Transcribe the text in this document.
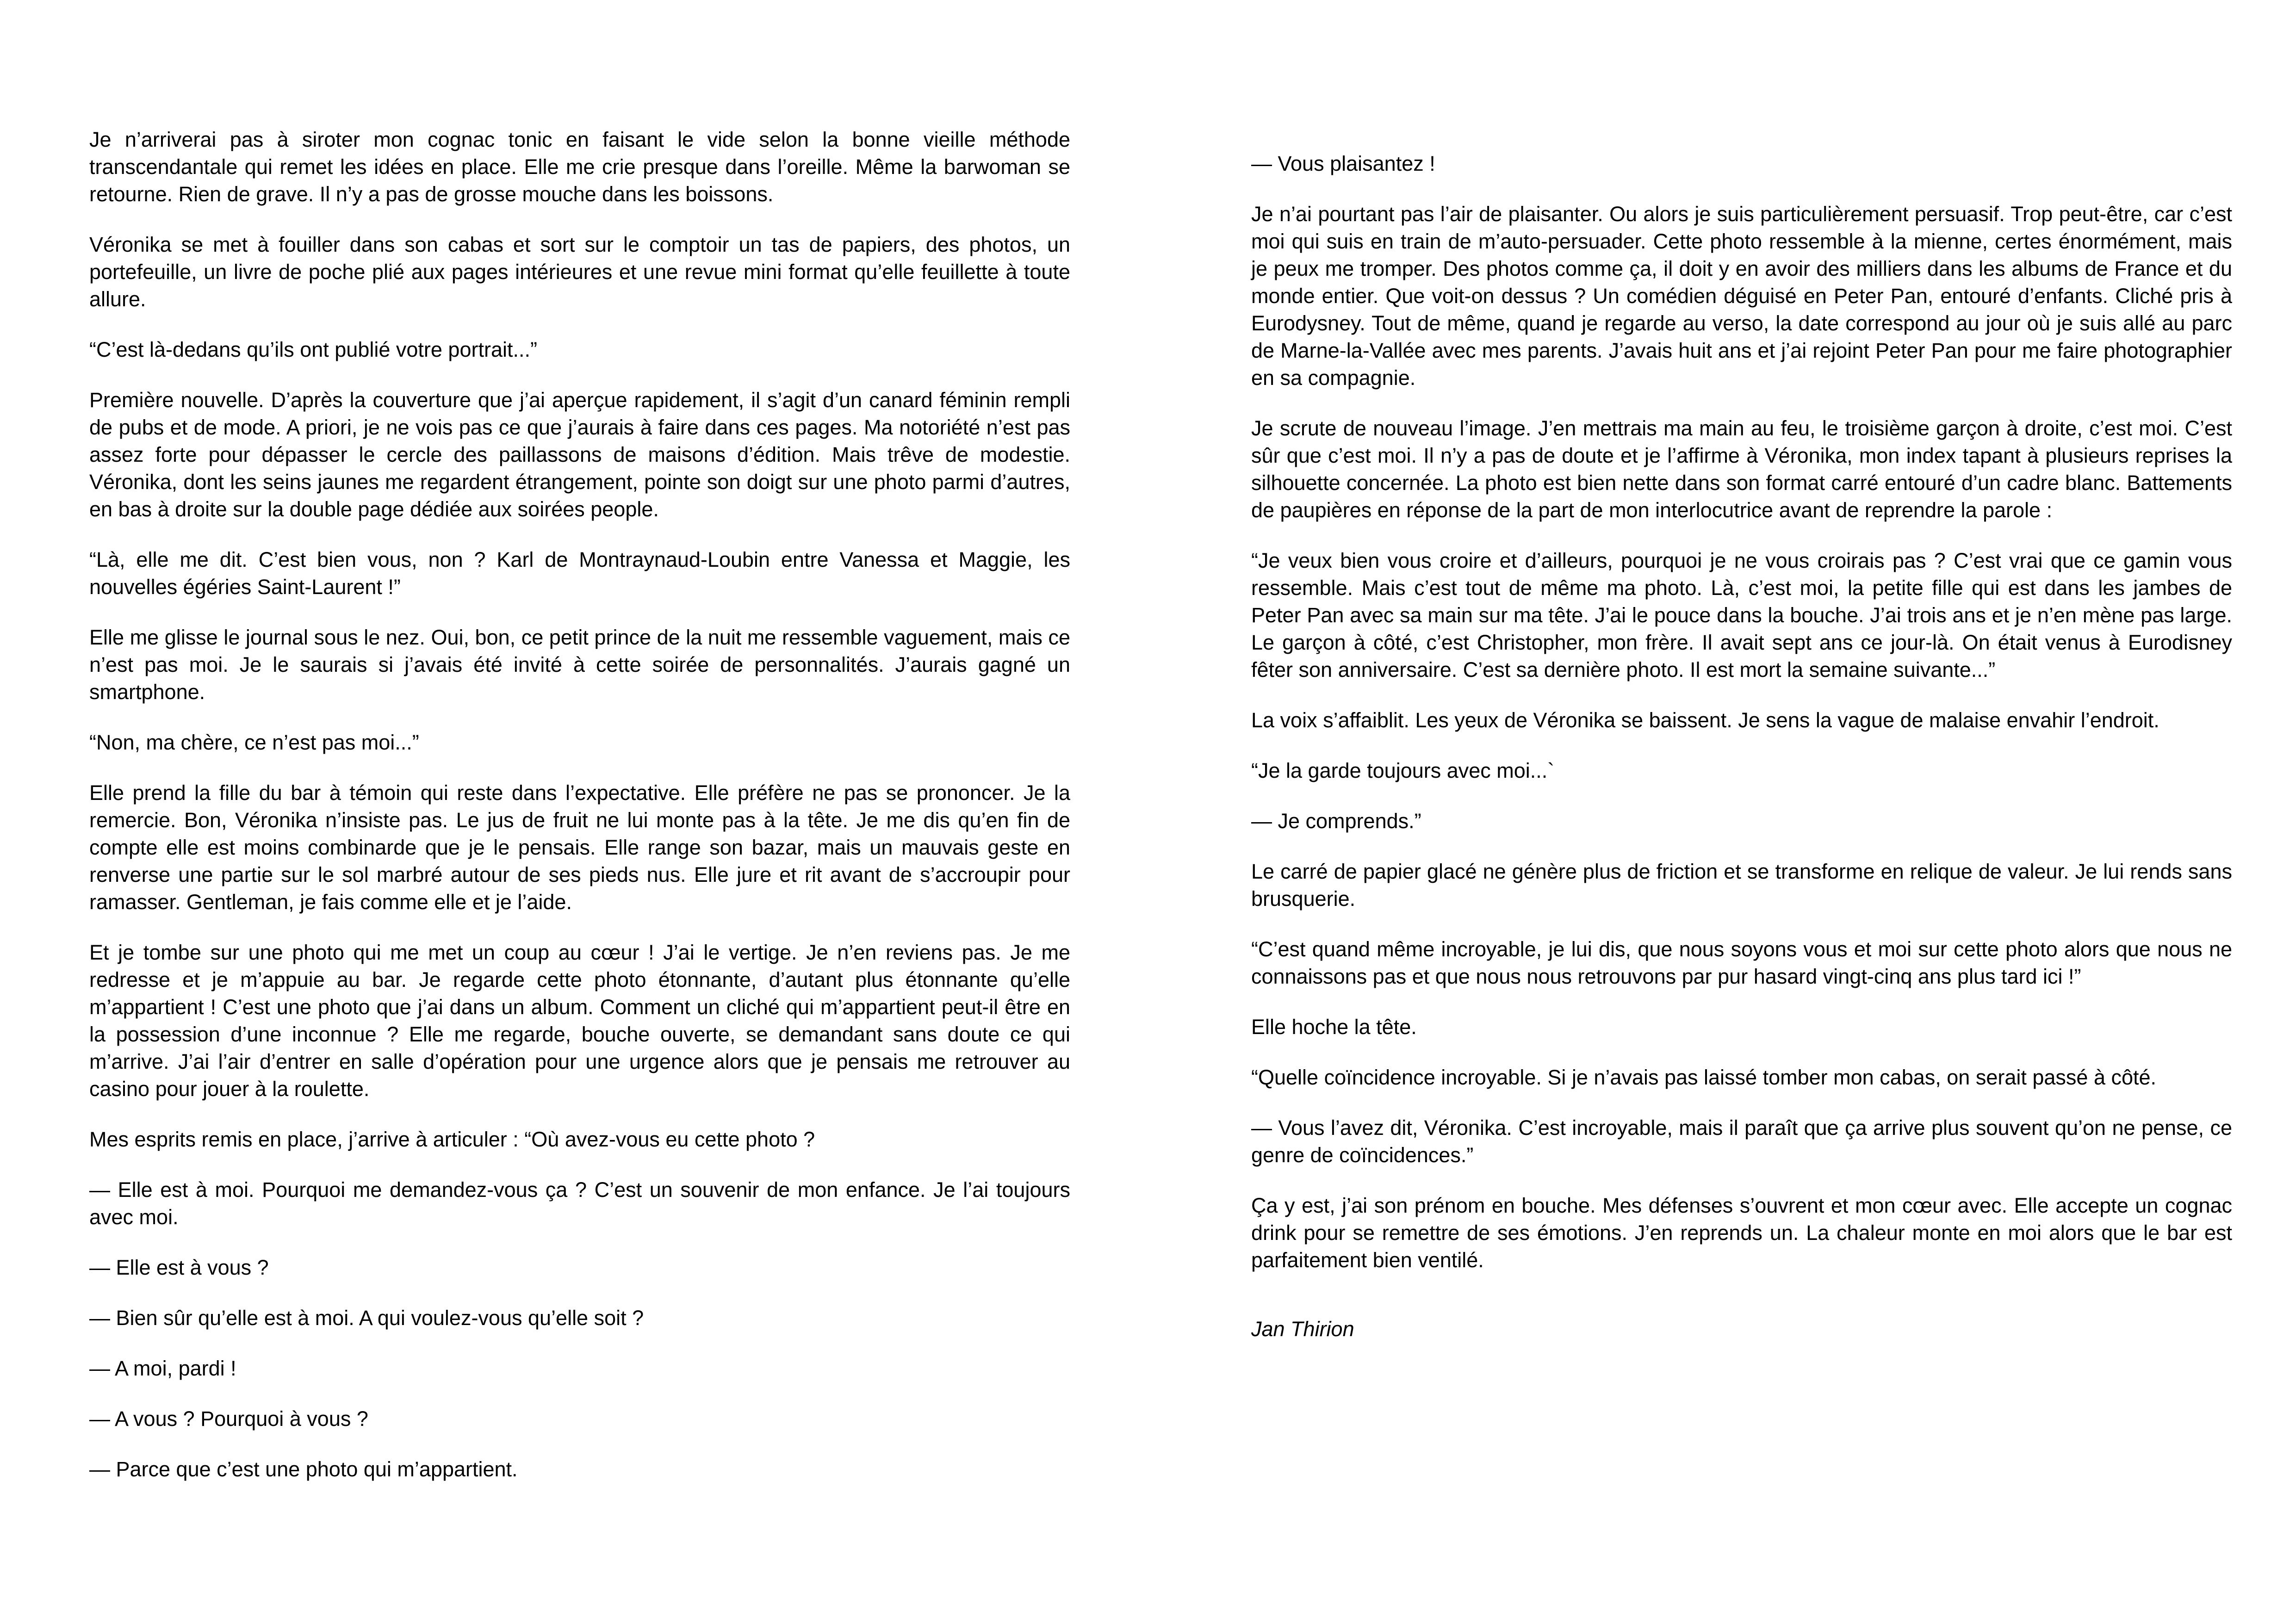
Je n’arriverai pas à siroter mon cognac tonic en faisant le vide selon la bonne vieille méthode transcendantale qui remet les idées en place. Elle me crie presque dans l’oreille. Même la barwoman se retourne. Rien de grave. Il n’y a pas de grosse mouche dans les boissons.

Véronika se met à fouiller dans son cabas et sort sur le comptoir un tas de papiers, des photos, un portefeuille, un livre de poche plié aux pages intérieures et une revue mini format qu’elle feuillette à toute allure.

“C’est là-dedans qu’ils ont publié votre portrait...”

Première nouvelle. D’après la couverture que j’ai aperçue rapidement, il s’agit d’un canard féminin rempli de pubs et de mode. A priori, je ne vois pas ce que j’aurais à faire dans ces pages. Ma notoriété n’est pas assez forte pour dépasser le cercle des paillassons de maisons d’édition. Mais trêve de modestie. Véronika, dont les seins jaunes me regardent étrangement, pointe son doigt sur une photo parmi d’autres, en bas à droite sur la double page dédiée aux soirées people.

“Là, elle me dit. C’est bien vous, non ? Karl de Montraynaud-Loubin entre Vanessa et Maggie, les nouvelles égéries Saint-Laurent !”

Elle me glisse le journal sous le nez. Oui, bon, ce petit prince de la nuit me ressemble vaguement, mais ce n’est pas moi. Je le saurais si j’avais été invité à cette soirée de personnalités. J’aurais gagné un smartphone.

“Non, ma chère, ce n’est pas moi...”

Elle prend la fille du bar à témoin qui reste dans l’expectative. Elle préfère ne pas se prononcer. Je la remercie. Bon, Véronika n’insiste pas. Le jus de fruit ne lui monte pas à la tête. Je me dis qu’en fin de compte elle est moins combinarde que je le pensais. Elle range son bazar, mais un mauvais geste en renverse une partie sur le sol marbré autour de ses pieds nus. Elle jure et rit avant de s’accroupir pour ramasser. Gentleman, je fais comme elle et je l’aide.

Et je tombe sur une photo qui me met un coup au cœur ! J’ai le vertige. Je n’en reviens pas. Je me redresse et je m’appuie au bar. Je regarde cette photo étonnante, d’autant plus étonnante qu’elle m’appartient ! C’est une photo que j’ai dans un album. Comment un cliché qui m’appartient peut-il être en la possession d’une inconnue ? Elle me regarde, bouche ouverte, se demandant sans doute ce qui m’arrive. J’ai l’air d’entrer en salle d’opération pour une urgence alors que je pensais me retrouver au casino pour jouer à la roulette.

Mes esprits remis en place, j’arrive à articuler : “Où avez-vous eu cette photo ?

— Elle est à moi. Pourquoi me demandez-vous ça ? C’est un souvenir de mon enfance. Je l’ai toujours avec moi.

— Elle est à vous ?

— Bien sûr qu’elle est à moi. A qui voulez-vous qu’elle soit ?

— A moi, pardi !

— A vous ? Pourquoi à vous ?

— Parce que c’est une photo qui m’appartient.

— Vous plaisantez !

Je n’ai pourtant pas l’air de plaisanter. Ou alors je suis particulièrement persuasif. Trop peut-être, car c’est moi qui suis en train de m’auto-persuader. Cette photo ressemble à la mienne, certes énormément, mais je peux me tromper. Des photos comme ça, il doit y en avoir des milliers dans les albums de France et du monde entier. Que voit-on dessus ? Un comédien déguisé en Peter Pan, entouré d’enfants. Cliché pris à Eurodysney. Tout de même, quand je regarde au verso, la date correspond au jour où je suis allé au parc de Marne-la-Vallée avec mes parents. J’avais huit ans et j’ai rejoint Peter Pan pour me faire photographier en sa compagnie.

Je scrute de nouveau l’image. J’en mettrais ma main au feu, le troisième garçon à droite, c’est moi. C’est sûr que c’est moi. Il n’y a pas de doute et je l’affirme à Véronika, mon index tapant à plusieurs reprises la silhouette concernée. La photo est bien nette dans son format carré entouré d’un cadre blanc. Battements de paupières en réponse de la part de mon interlocutrice avant de reprendre la parole :

“Je veux bien vous croire et d’ailleurs, pourquoi je ne vous croirais pas ? C’est vrai que ce gamin vous ressemble. Mais c’est tout de même ma photo. Là, c’est moi, la petite fille qui est dans les jambes de Peter Pan avec sa main sur ma tête. J’ai le pouce dans la bouche. J’ai trois ans et je n’en mène pas large. Le garçon à côté, c’est Christopher, mon frère. Il avait sept ans ce jour-là. On était venus à Eurodisney fêter son anniversaire. C’est sa dernière photo. Il est mort la semaine suivante...”

La voix s’affaiblit. Les yeux de Véronika se baissent. Je sens la vague de malaise envahir l’endroit.

“Je la garde toujours avec moi...`

— Je comprends.”

Le carré de papier glacé ne génère plus de friction et se transforme en relique de valeur. Je lui rends sans brusquerie.

“C’est quand même incroyable, je lui dis, que nous soyons vous et moi sur cette photo alors que nous ne connaissons pas et que nous nous retrouvons par pur hasard vingt-cinq ans plus tard ici !”

Elle hoche la tête.

“Quelle coïncidence incroyable. Si je n’avais pas laissé tomber mon cabas, on serait passé à côté.

— Vous l’avez dit, Véronika. C’est incroyable, mais il paraît que ça arrive plus souvent qu’on ne pense, ce genre de coïncidences.”

Ça y est, j’ai son prénom en bouche. Mes défenses s’ouvrent et mon cœur avec. Elle accepte un cognac drink pour se remettre de ses émotions. J’en reprends un. La chaleur monte en moi alors que le bar est parfaitement bien ventilé.

Jan Thirion
